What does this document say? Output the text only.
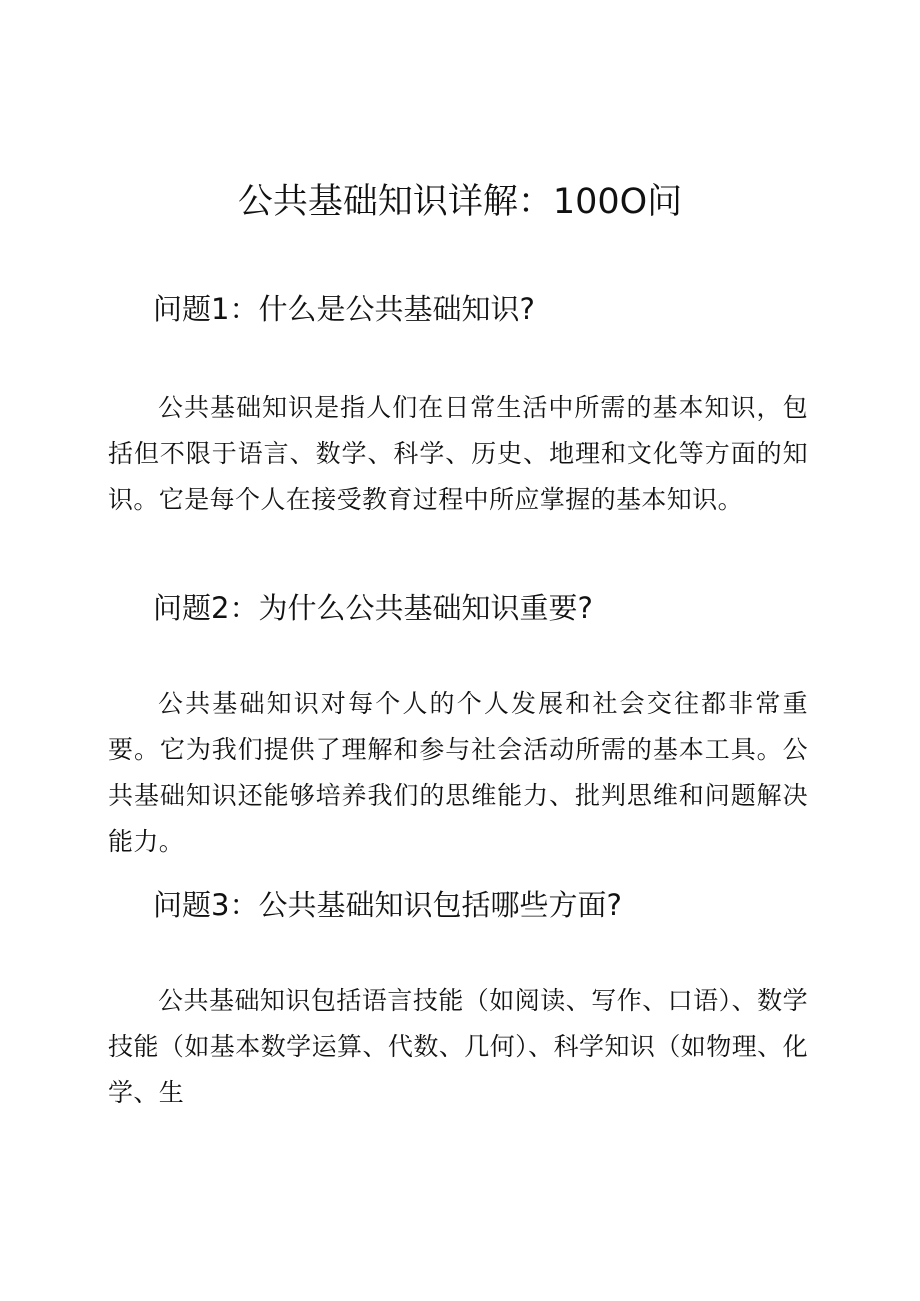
公共基础知识详解：100O问
问题1：什么是公共基础知识?

公共基础知识是指人们在日常生活中所需的基本知识，包括但不限于语言、数学、科学、历史、地理和文化等方面的知识。它是每个人在接受教育过程中所应掌握的基本知识。

问题2：为什么公共基础知识重要?

公共基础知识对每个人的个人发展和社会交往都非常重要。它为我们提供了理解和参与社会活动所需的基本工具。公共基础知识还能够培养我们的思维能力、批判思维和问题解决能力。

问题3：公共基础知识包括哪些方面?

公共基础知识包括语言技能（如阅读、写作、口语）、数学技能（如基本数学运算、代数、几何）、科学知识（如物理、化学、生
